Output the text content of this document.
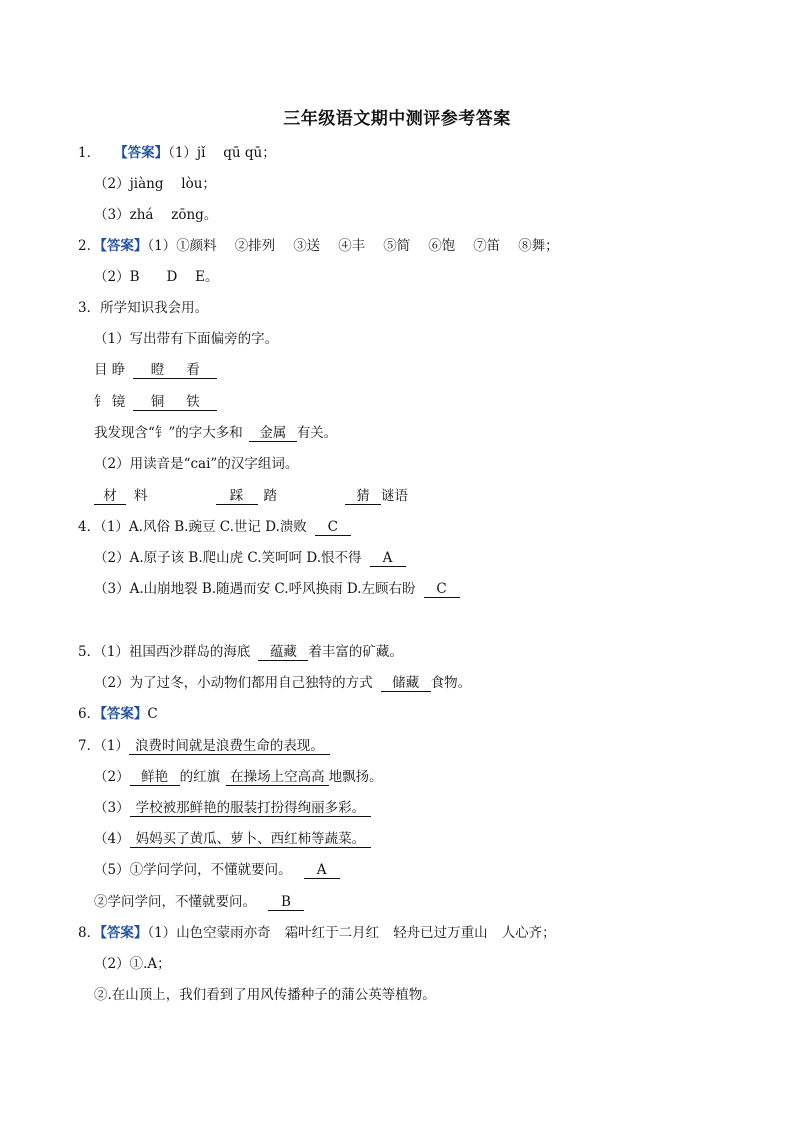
三年级语文期中测评参考答案
1． 【答案】（1）jǐ　 qū qū；
（2）jiàng　 lòu；
（3）zhá　 zōng。
2．【答案】（1）①颜料 ②排列 ③送 ④丰 ⑤简 ⑥饱 ⑦笛 ⑧舞；
（2）B　　D　 E。
3．所学知识我会用。
（1）写出带有下面偏旁的字。
目 睁 瞪 看
钅 镜 铜 铁
我发现含“钅”的字大多和 金属 有关。
（2）用读音是“cai”的汉字组词。
材 料	踩 踏	猜 谜语
4．（1）A.风俗 B.豌豆 C.世记 D.溃败 C
（2）A.原子该 B.爬山虎 C.笑呵呵 D.恨不得 A
（3）A.山崩地裂 B.随遇而安 C.呼风换雨 D.左顾右盼 C
5．（1）祖国西沙群岛的海底 蕴藏 着丰富的矿藏。
（2）为了过冬，小动物们都用自己独特的方式 储藏 食物。
6．【答案】C
7．（1） 浪费时间就是浪费生命的表现。
（2） 鲜艳 的红旗 在操场上空高高 地飘扬。
（3） 学校被那鲜艳的服装打扮得绚丽多彩。
（4） 妈妈买了黄瓜、萝卜、西红柿等蔬菜。
（5）①学问学问，不懂就要问。 A
②学问学问，不懂就要问。 B
8．【答案】（1）山色空蒙雨亦奇 霜叶红于二月红 轻舟已过万重山 人心齐；
（2）①.A；
②.在山顶上，我们看到了用风传播种子的蒲公英等植物。
